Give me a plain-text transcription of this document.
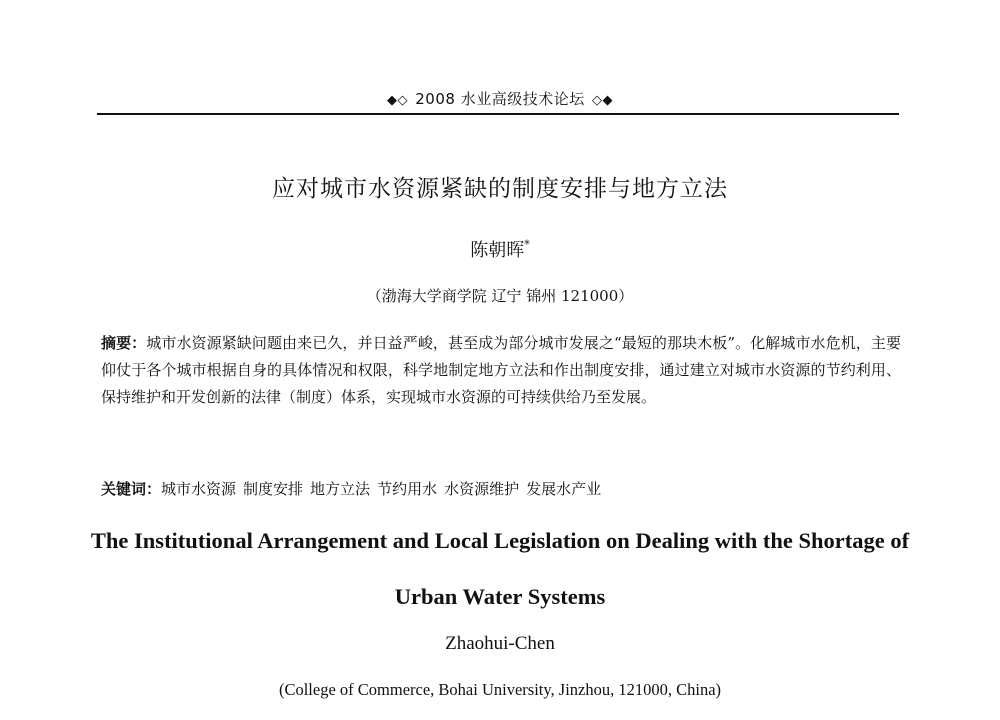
◆◇ 2008 水业高级技术论坛 ◇◆
应对城市水资源紧缺的制度安排与地方立法
陈朝晖*
（渤海大学商学院 辽宁 锦州 121000）
摘要：城市水资源紧缺问题由来已久，并日益严峻，甚至成为部分城市发展之“最短的那块木板”。化解城市水危机，主要仰仗于各个城市根据自身的具体情况和权限，科学地制定地方立法和作出制度安排，通过建立对城市水资源的节约利用、保持维护和开发创新的法律（制度）体系，实现城市水资源的可持续供给乃至发展。
关键词：城市水资源 制度安排 地方立法 节约用水 水资源维护 发展水产业
The Institutional Arrangement and Local Legislation on Dealing with the Shortage of Urban Water Systems
Zhaohui-Chen
(College of Commerce, Bohai University, Jinzhou, 121000, China)
